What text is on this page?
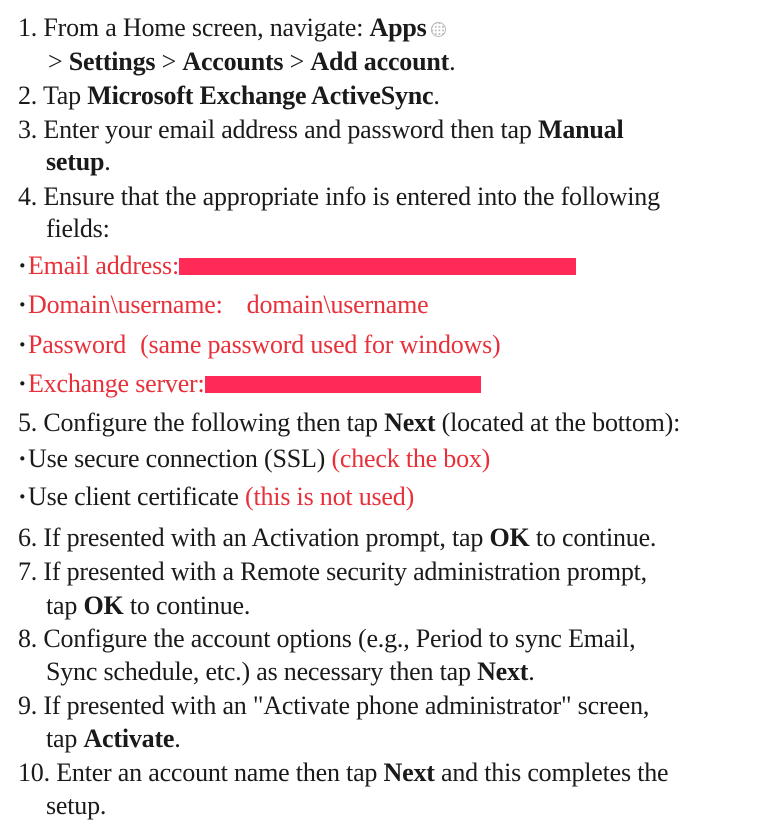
1. From a Home screen, navigate: Apps
> Settings > Accounts > Add account.
2. Tap Microsoft Exchange ActiveSync.
3. Enter your email address and password then tap Manual
setup.
4. Ensure that the appropriate info is entered into the following
fields:
·Email address:
·Domain\username: domain\username
·Password (same password used for windows)
·Exchange server:
5. Configure the following then tap Next (located at the bottom):
·Use secure connection (SSL) (check the box)
·Use client certificate (this is not used)
6. If presented with an Activation prompt, tap OK to continue.
7. If presented with a Remote security administration prompt,
tap OK to continue.
8. Configure the account options (e.g., Period to sync Email,
Sync schedule, etc.) as necessary then tap Next.
9. If presented with an "Activate phone administrator" screen,
tap Activate.
10. Enter an account name then tap Next and this completes the
setup.
